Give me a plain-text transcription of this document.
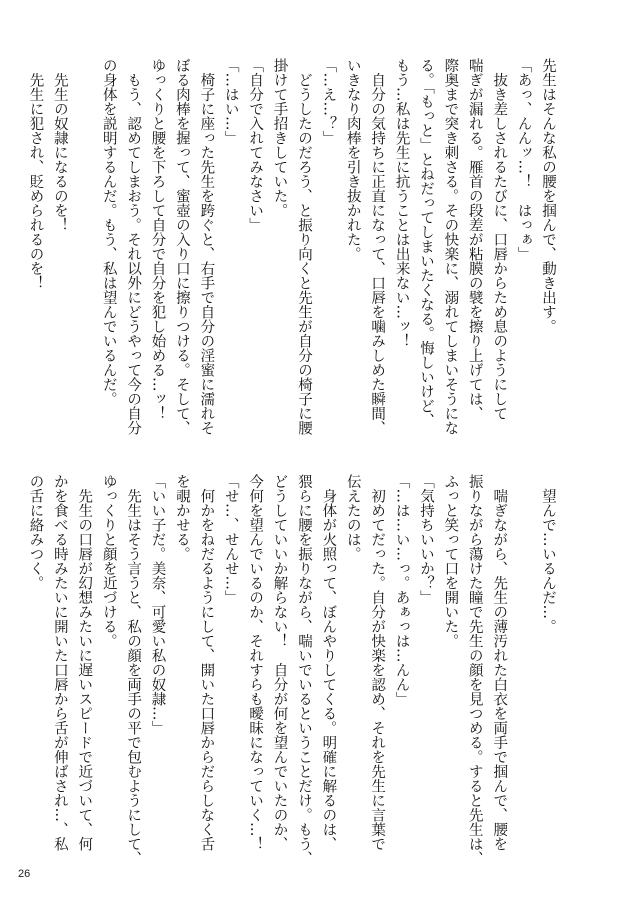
先生はそんな私の腰を掴んで、動き出す。
「あっ、んんッ…！　はっぁ」
　抜き差しされるたびに、口唇からため息のようにして
喘ぎが漏れる。雁首の段差が粘膜の襞を擦り上げては、
際奥まで突き刺さる。その快楽に、溺れてしまいそうにな
る。「もっと」とねだってしまいたくなる。悔しいけど、
もう…私は先生に抗うことは出来ない…ッ！
　自分の気持ちに正直になって、口唇を噛みしめた瞬間、
いきなり肉棒を引き抜かれた。
「…え…？」
　どうしたのだろう、と振り向くと先生が自分の椅子に腰
掛けて手招きしていた。
「自分で入れてみなさい」
「…はい…」
　椅子に座った先生を跨ぐと、右手で自分の淫蜜に濡れそ
ぼる肉棒を握って、蜜壺の入り口に擦りつける。そして、
ゆっくりと腰を下ろして自分で自分を犯し始める…ッ！
　もう、認めてしまおう。それ以外にどうやって今の自分
の身体を説明するんだ。もう、私は望んでいるんだ。

　先生の奴隷になるのを！
　先生に犯され、貶められるのを！
　望んで…いるんだ…。

　喘ぎながら、先生の薄汚れた白衣を両手で掴んで、腰を
振りながら蕩けた瞳で先生の顔を見つめる。すると先生は、
ふっと笑って口を開いた。
「気持ちいいか？」
「…は…い…っ。あぁっは…んん」
　初めてだった。自分が快楽を認め、それを先生に言葉で
伝えたのは。
　身体が火照って、ぼんやりしてくる。明確に解るのは、
猥らに腰を振りながら、喘いでいるということだけ。もう、
どうしていいか解らない！　自分が何を望んでいたのか、
今何を望んでいるのか、それすらも曖昧になっていく…！
「せ…、せんせ…」
　何かをねだるようにして、開いた口唇からだらしなく舌
を覗かせる。
「いい子だ。美奈、可愛い私の奴隷…」
　先生はそう言うと、私の顔を両手の平で包むようにして、
ゆっくりと顔を近づける。
　先生の口唇が幻想みたいに遅いスピードで近づいて、何
かを食べる時みたいに開いた口唇から舌が伸ばされ…、私
の舌に絡みつく。
26
